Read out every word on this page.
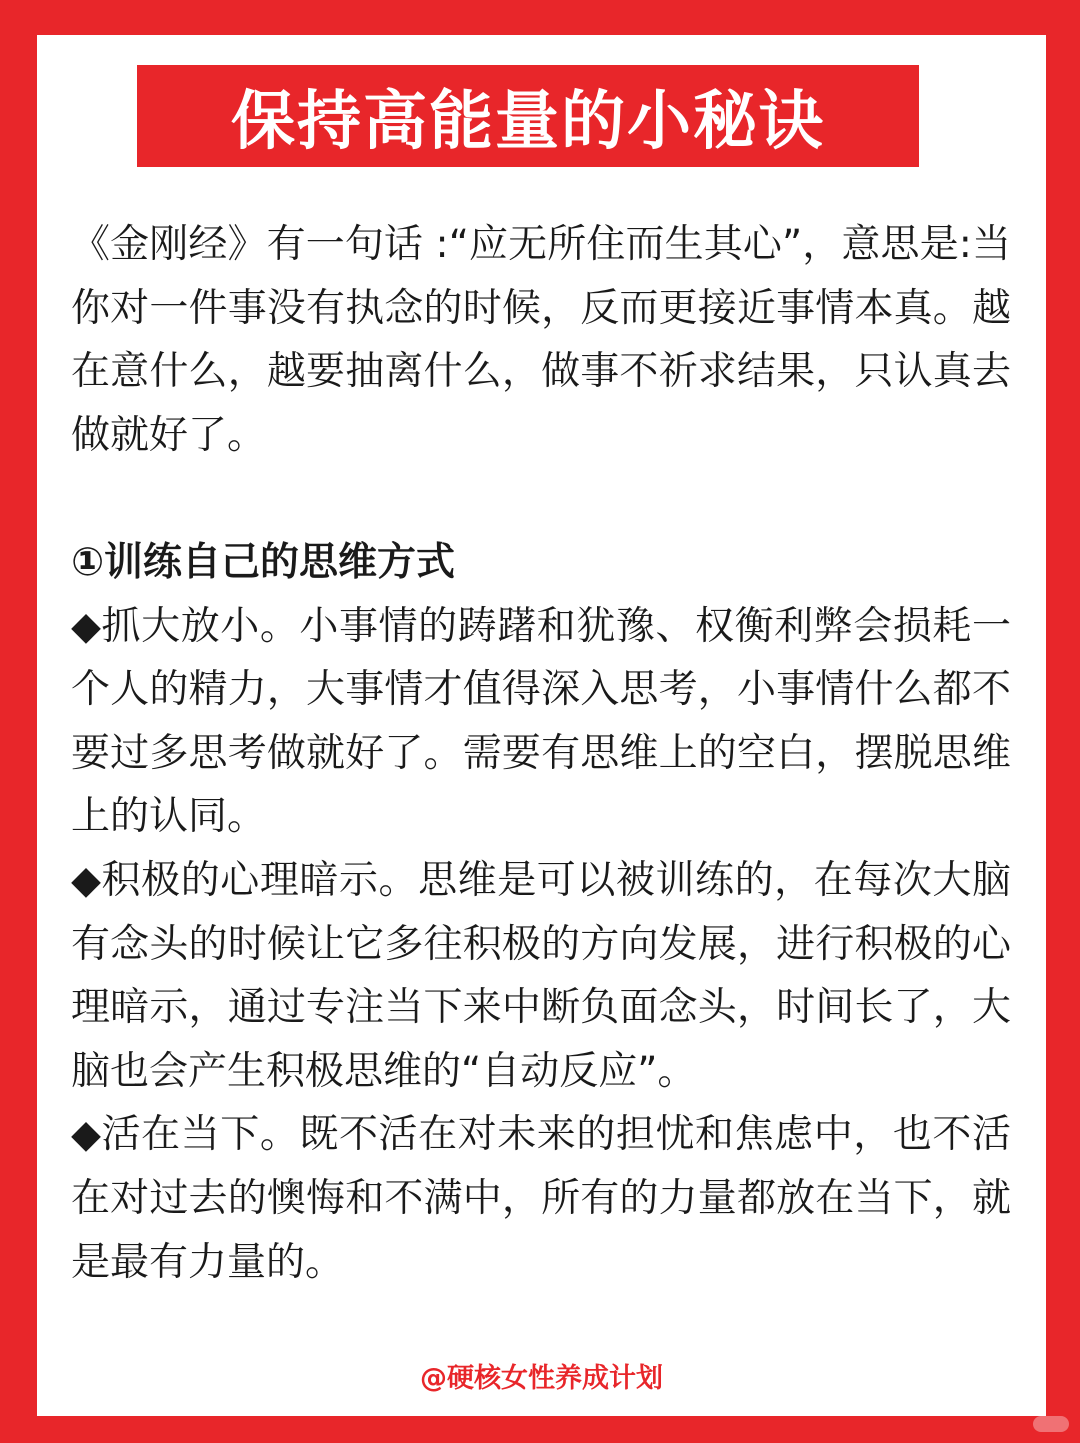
保持高能量的小秘诀

《金刚经》有一句话 :“应无所住而生其心”，意思是:当你对一件事没有执念的时候，反而更接近事情本真。越在意什么，越要抽离什么，做事不祈求结果，只认真去做就好了。

①训练自己的思维方式

◆抓大放小。小事情的踌躇和犹豫、权衡利弊会损耗一个人的精力，大事情才值得深入思考，小事情什么都不要过多思考做就好了。需要有思维上的空白，摆脱思维上的认同。

◆积极的心理暗示。思维是可以被训练的，在每次大脑有念头的时候让它多往积极的方向发展，进行积极的心理暗示，通过专注当下来中断负面念头，时间长了，大脑也会产生积极思维的“自动反应”。

◆活在当下。既不活在对未来的担忧和焦虑中，也不活在对过去的懊悔和不满中，所有的力量都放在当下，就是最有力量的。

@硬核女性养成计划
